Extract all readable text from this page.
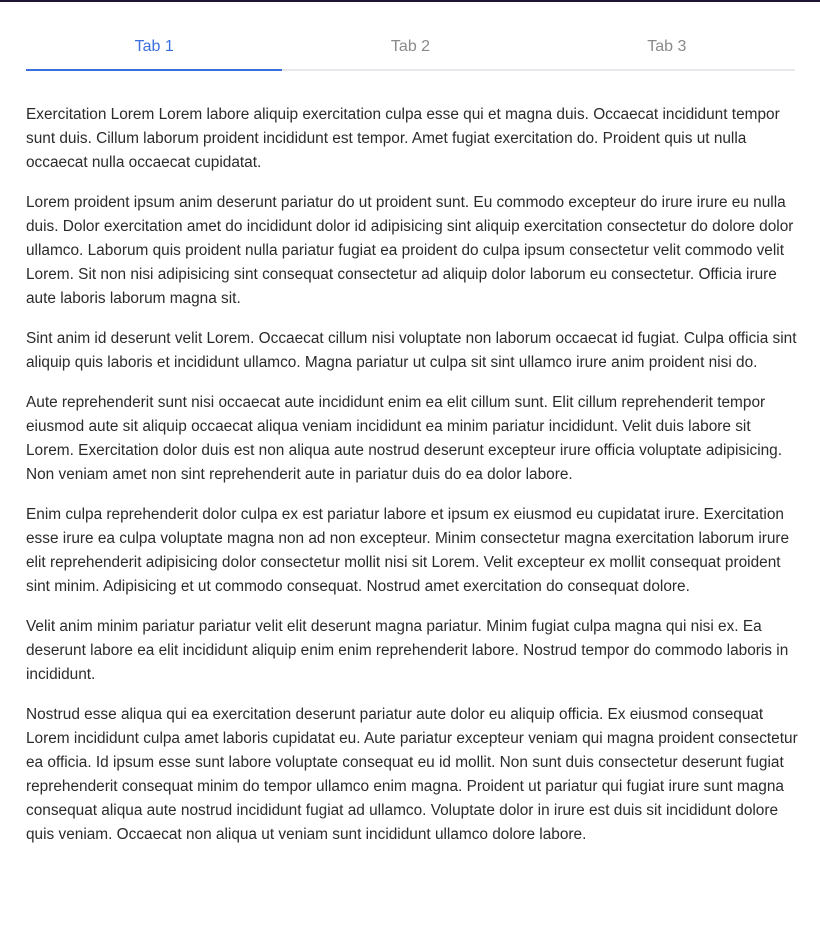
Tab 1	Tab 2	Tab 3

Exercitation Lorem Lorem labore aliquip exercitation culpa esse qui et magna duis. Occaecat incididunt tempor sunt duis. Cillum laborum proident incididunt est tempor. Amet fugiat exercitation do. Proident quis ut nulla occaecat nulla occaecat cupidatat.

Lorem proident ipsum anim deserunt pariatur do ut proident sunt. Eu commodo excepteur do irure irure eu nulla duis. Dolor exercitation amet do incididunt dolor id adipisicing sint aliquip exercitation consectetur do dolore dolor ullamco. Laborum quis proident nulla pariatur fugiat ea proident do culpa ipsum consectetur velit commodo velit Lorem. Sit non nisi adipisicing sint consequat consectetur ad aliquip dolor laborum eu consectetur. Officia irure aute laboris laborum magna sit.

Sint anim id deserunt velit Lorem. Occaecat cillum nisi voluptate non laborum occaecat id fugiat. Culpa officia sint aliquip quis laboris et incididunt ullamco. Magna pariatur ut culpa sit sint ullamco irure anim proident nisi do.

Aute reprehenderit sunt nisi occaecat aute incididunt enim ea elit cillum sunt. Elit cillum reprehenderit tempor eiusmod aute sit aliquip occaecat aliqua veniam incididunt ea minim pariatur incididunt. Velit duis labore sit Lorem. Exercitation dolor duis est non aliqua aute nostrud deserunt excepteur irure officia voluptate adipisicing. Non veniam amet non sint reprehenderit aute in pariatur duis do ea dolor labore.

Enim culpa reprehenderit dolor culpa ex est pariatur labore et ipsum ex eiusmod eu cupidatat irure. Exercitation esse irure ea culpa voluptate magna non ad non excepteur. Minim consectetur magna exercitation laborum irure elit reprehenderit adipisicing dolor consectetur mollit nisi sit Lorem. Velit excepteur ex mollit consequat proident sint minim. Adipisicing et ut commodo consequat. Nostrud amet exercitation do consequat dolore.

Velit anim minim pariatur pariatur velit elit deserunt magna pariatur. Minim fugiat culpa magna qui nisi ex. Ea deserunt labore ea elit incididunt aliquip enim enim reprehenderit labore. Nostrud tempor do commodo laboris in incididunt.

Nostrud esse aliqua qui ea exercitation deserunt pariatur aute dolor eu aliquip officia. Ex eiusmod consequat Lorem incididunt culpa amet laboris cupidatat eu. Aute pariatur excepteur veniam qui magna proident consectetur ea officia. Id ipsum esse sunt labore voluptate consequat eu id mollit. Non sunt duis consectetur deserunt fugiat reprehenderit consequat minim do tempor ullamco enim magna. Proident ut pariatur qui fugiat irure sunt magna consequat aliqua aute nostrud incididunt fugiat ad ullamco. Voluptate dolor in irure est duis sit incididunt dolore quis veniam. Occaecat non aliqua ut veniam sunt incididunt ullamco dolore labore.
